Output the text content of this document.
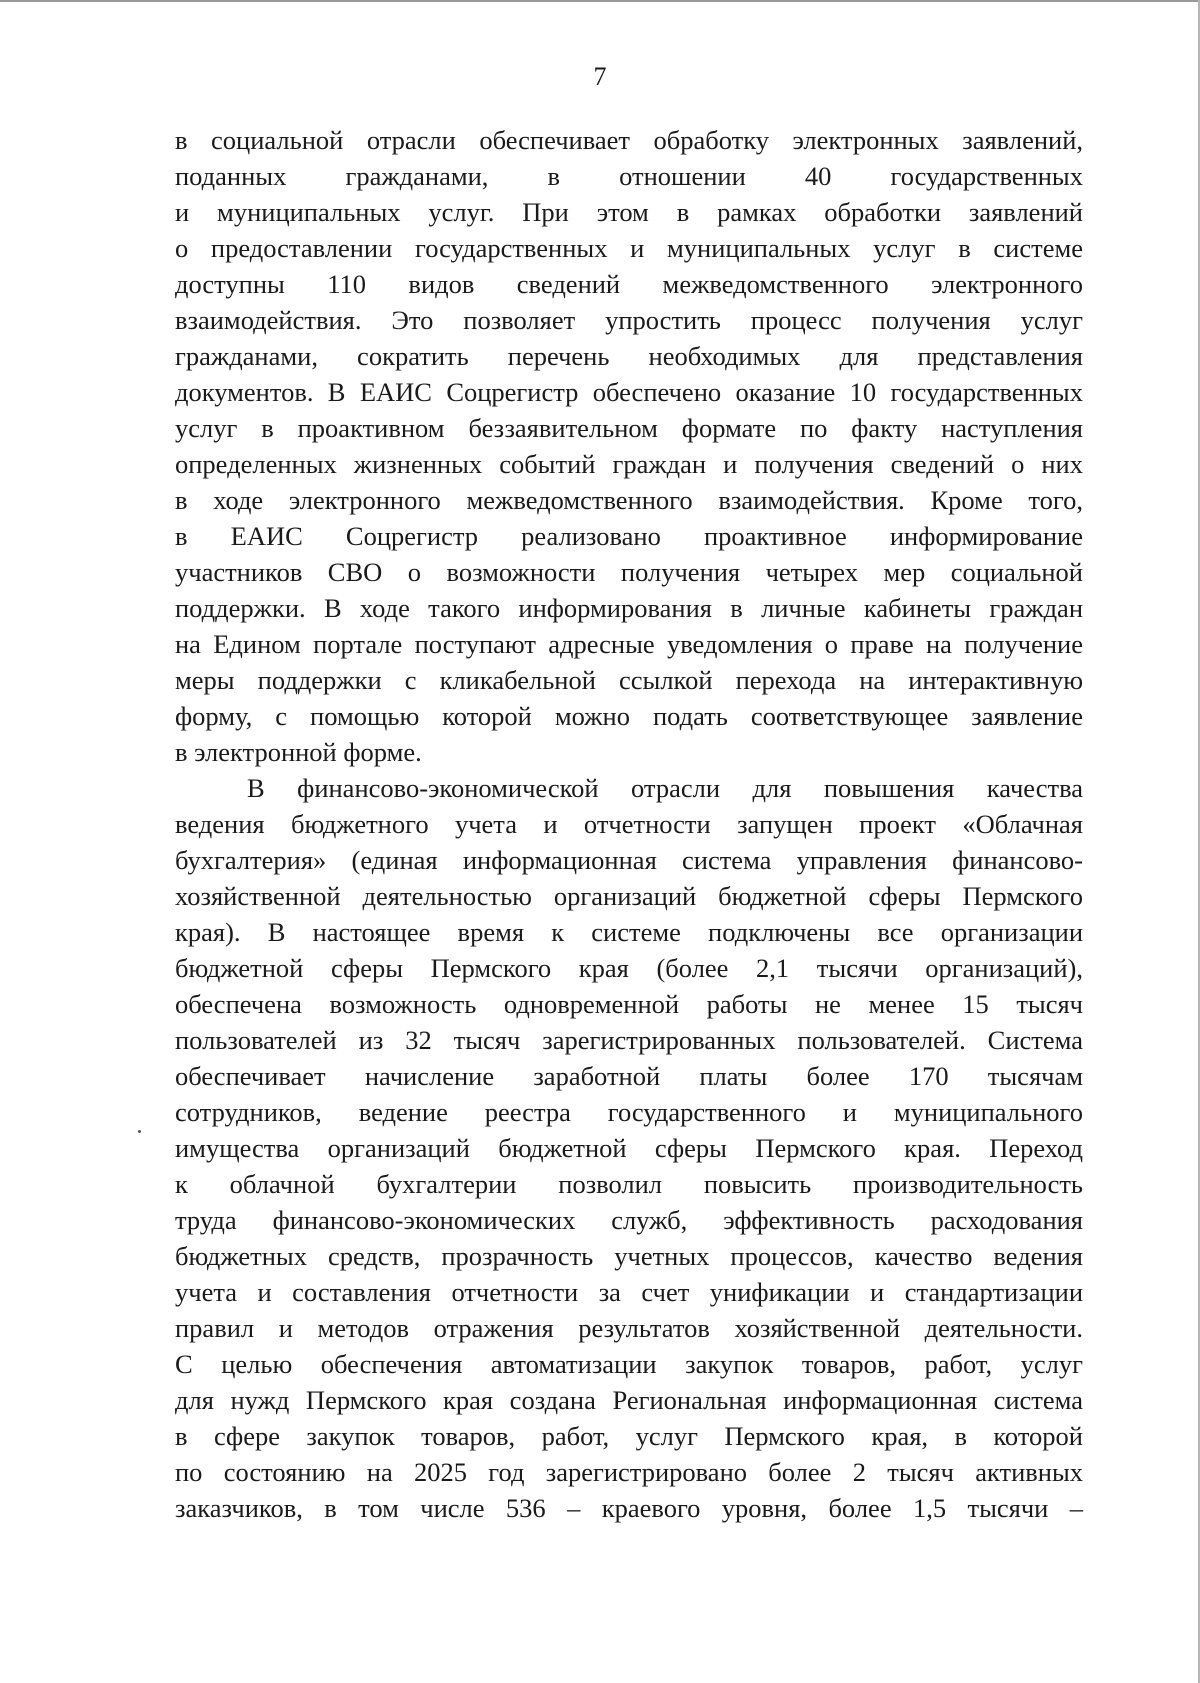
7
в социальной отрасли обеспечивает обработку электронных заявлений,
поданных гражданами, в отношении 40 государственных
и муниципальных услуг. При этом в рамках обработки заявлений
о предоставлении государственных и муниципальных услуг в системе
доступны 110 видов сведений межведомственного электронного
взаимодействия. Это позволяет упростить процесс получения услуг
гражданами, сократить перечень необходимых для представления
документов. В ЕАИС Соцрегистр обеспечено оказание 10 государственных
услуг в проактивном беззаявительном формате по факту наступления
определенных жизненных событий граждан и получения сведений о них
в ходе электронного межведомственного взаимодействия. Кроме того,
в ЕАИС Соцрегистр реализовано проактивное информирование
участников СВО о возможности получения четырех мер социальной
поддержки. В ходе такого информирования в личные кабинеты граждан
на Едином портале поступают адресные уведомления о праве на получение
меры поддержки с кликабельной ссылкой перехода на интерактивную
форму, с помощью которой можно подать соответствующее заявление
в электронной форме.
В финансово-экономической отрасли для повышения качества
ведения бюджетного учета и отчетности запущен проект «Облачная
бухгалтерия» (единая информационная система управления финансово-
хозяйственной деятельностью организаций бюджетной сферы Пермского
края). В настоящее время к системе подключены все организации
бюджетной сферы Пермского края (более 2,1 тысячи организаций),
обеспечена возможность одновременной работы не менее 15 тысяч
пользователей из 32 тысяч зарегистрированных пользователей. Система
обеспечивает начисление заработной платы более 170 тысячам
сотрудников, ведение реестра государственного и муниципального
имущества организаций бюджетной сферы Пермского края. Переход
к облачной бухгалтерии позволил повысить производительность
труда финансово-экономических служб, эффективность расходования
бюджетных средств, прозрачность учетных процессов, качество ведения
учета и составления отчетности за счет унификации и стандартизации
правил и методов отражения результатов хозяйственной деятельности.
С целью обеспечения автоматизации закупок товаров, работ, услуг
для нужд Пермского края создана Региональная информационная система
в сфере закупок товаров, работ, услуг Пермского края, в которой
по состоянию на 2025 год зарегистрировано более 2 тысяч активных
заказчиков, в том числе 536 – краевого уровня, более 1,5 тысячи –
